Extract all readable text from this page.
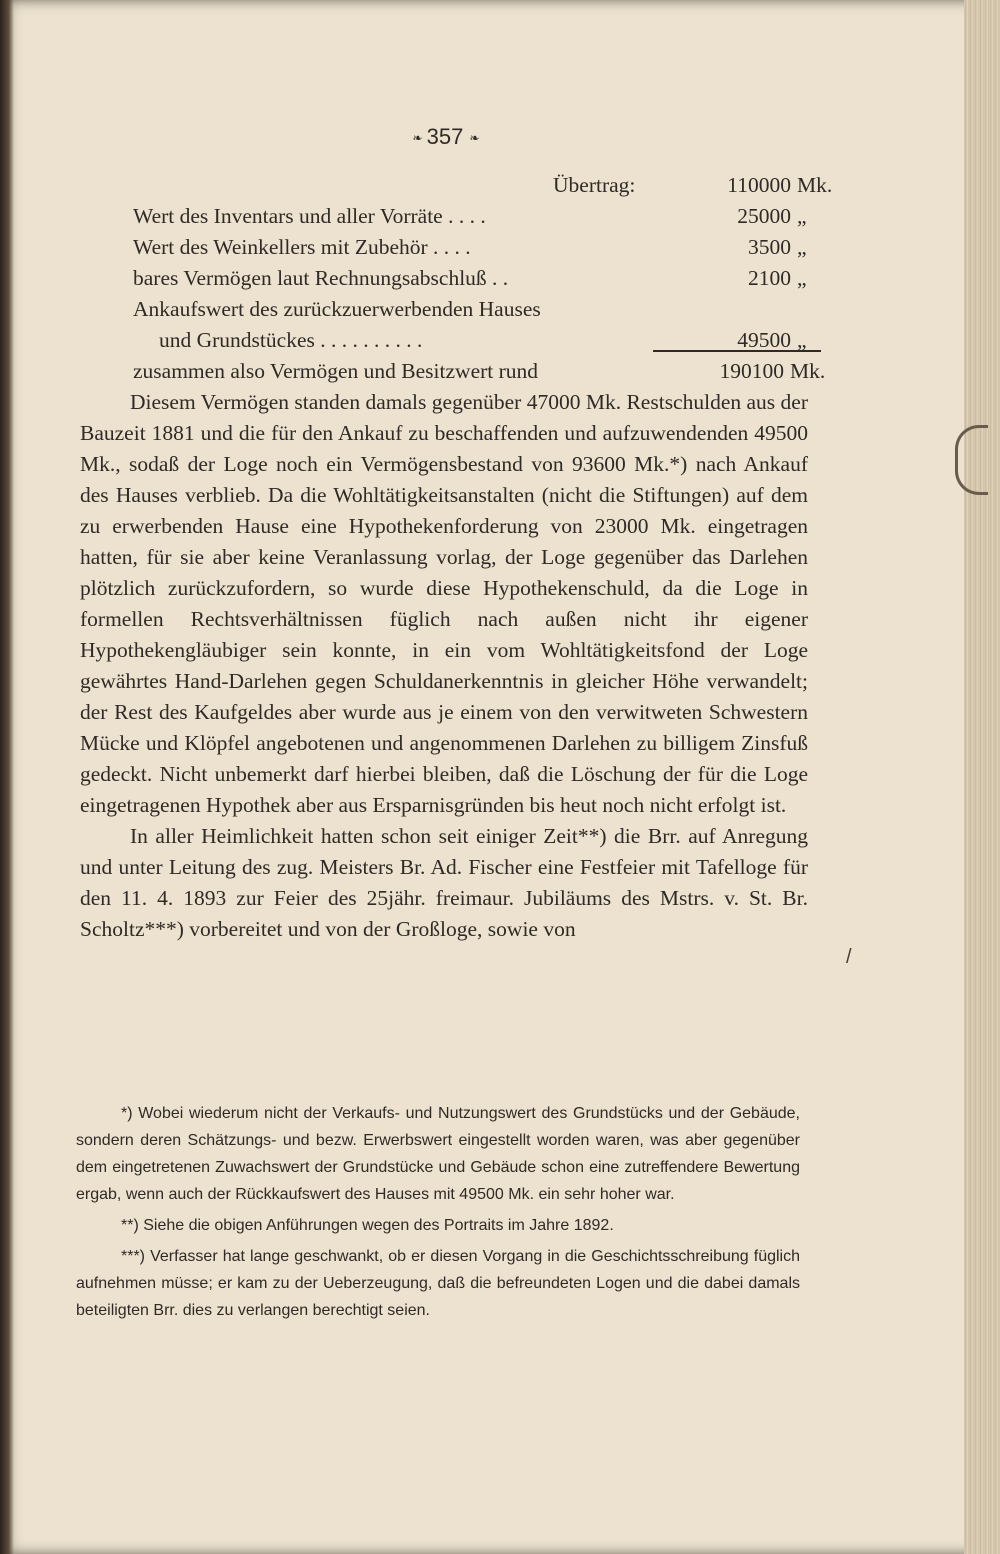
❧ 357 ❧
Übertrag:	110000 Mk.
Wert des Inventars und aller Vorräte . . . .	25000 „
Wert des Weinkellers mit Zubehör . . . .	3500 „
bares Vermögen laut Rechnungsabschluß . .	2100 „
Ankaufswert des zurückzuerwerbenden Hauses
und Grundstückes . . . . . . . . . .	49500 „
zusammen also Vermögen und Besitzwert rund	190100 Mk.

Diesem Vermögen standen damals gegenüber 47000 Mk. Restschulden aus der Bauzeit 1881 und die für den Ankauf zu beschaffenden und aufzuwendenden 49500 Mk., sodaß der Loge noch ein Vermögensbestand von 93600 Mk.*) nach Ankauf des Hauses verblieb. Da die Wohltätigkeitsanstalten (nicht die Stiftungen) auf dem zu erwerbenden Hause eine Hypothekenforderung von 23000 Mk. eingetragen hatten, für sie aber keine Veranlassung vorlag, der Loge gegenüber das Darlehen plötzlich zurückzufordern, so wurde diese Hypothekenschuld, da die Loge in formellen Rechtsverhältnissen füglich nach außen nicht ihr eigener Hypothekengläubiger sein konnte, in ein vom Wohltätigkeitsfond der Loge gewährtes Hand-Darlehen gegen Schuldanerkenntnis in gleicher Höhe verwandelt; der Rest des Kaufgeldes aber wurde aus je einem von den verwitweten Schwestern Mücke und Klöpfel angebotenen und angenommenen Darlehen zu billigem Zinsfuß gedeckt. Nicht unbemerkt darf hierbei bleiben, daß die Löschung der für die Loge eingetragenen Hypothek aber aus Ersparnisgründen bis heut noch nicht erfolgt ist.

In aller Heimlichkeit hatten schon seit einiger Zeit**) die Brr. auf Anregung und unter Leitung des zug. Meisters Br. Ad. Fischer eine Festfeier mit Tafelloge für den 11. 4. 1893 zur Feier des 25jähr. freimaur. Jubiläums des Mstrs. v. St. Br. Scholtz***) vorbereitet und von der Großloge, sowie von

/

*) Wobei wiederum nicht der Verkaufs- und Nutzungswert des Grundstücks und der Gebäude, sondern deren Schätzungs- und bezw. Erwerbswert eingestellt worden waren, was aber gegenüber dem eingetretenen Zuwachswert der Grundstücke und Gebäude schon eine zutreffendere Bewertung ergab, wenn auch der Rückkaufswert des Hauses mit 49500 Mk. ein sehr hoher war.

**) Siehe die obigen Anführungen wegen des Portraits im Jahre 1892.

***) Verfasser hat lange geschwankt, ob er diesen Vorgang in die Geschichtsschreibung füglich aufnehmen müsse; er kam zu der Ueberzeugung, daß die befreundeten Logen und die dabei damals beteiligten Brr. dies zu verlangen berechtigt seien.
